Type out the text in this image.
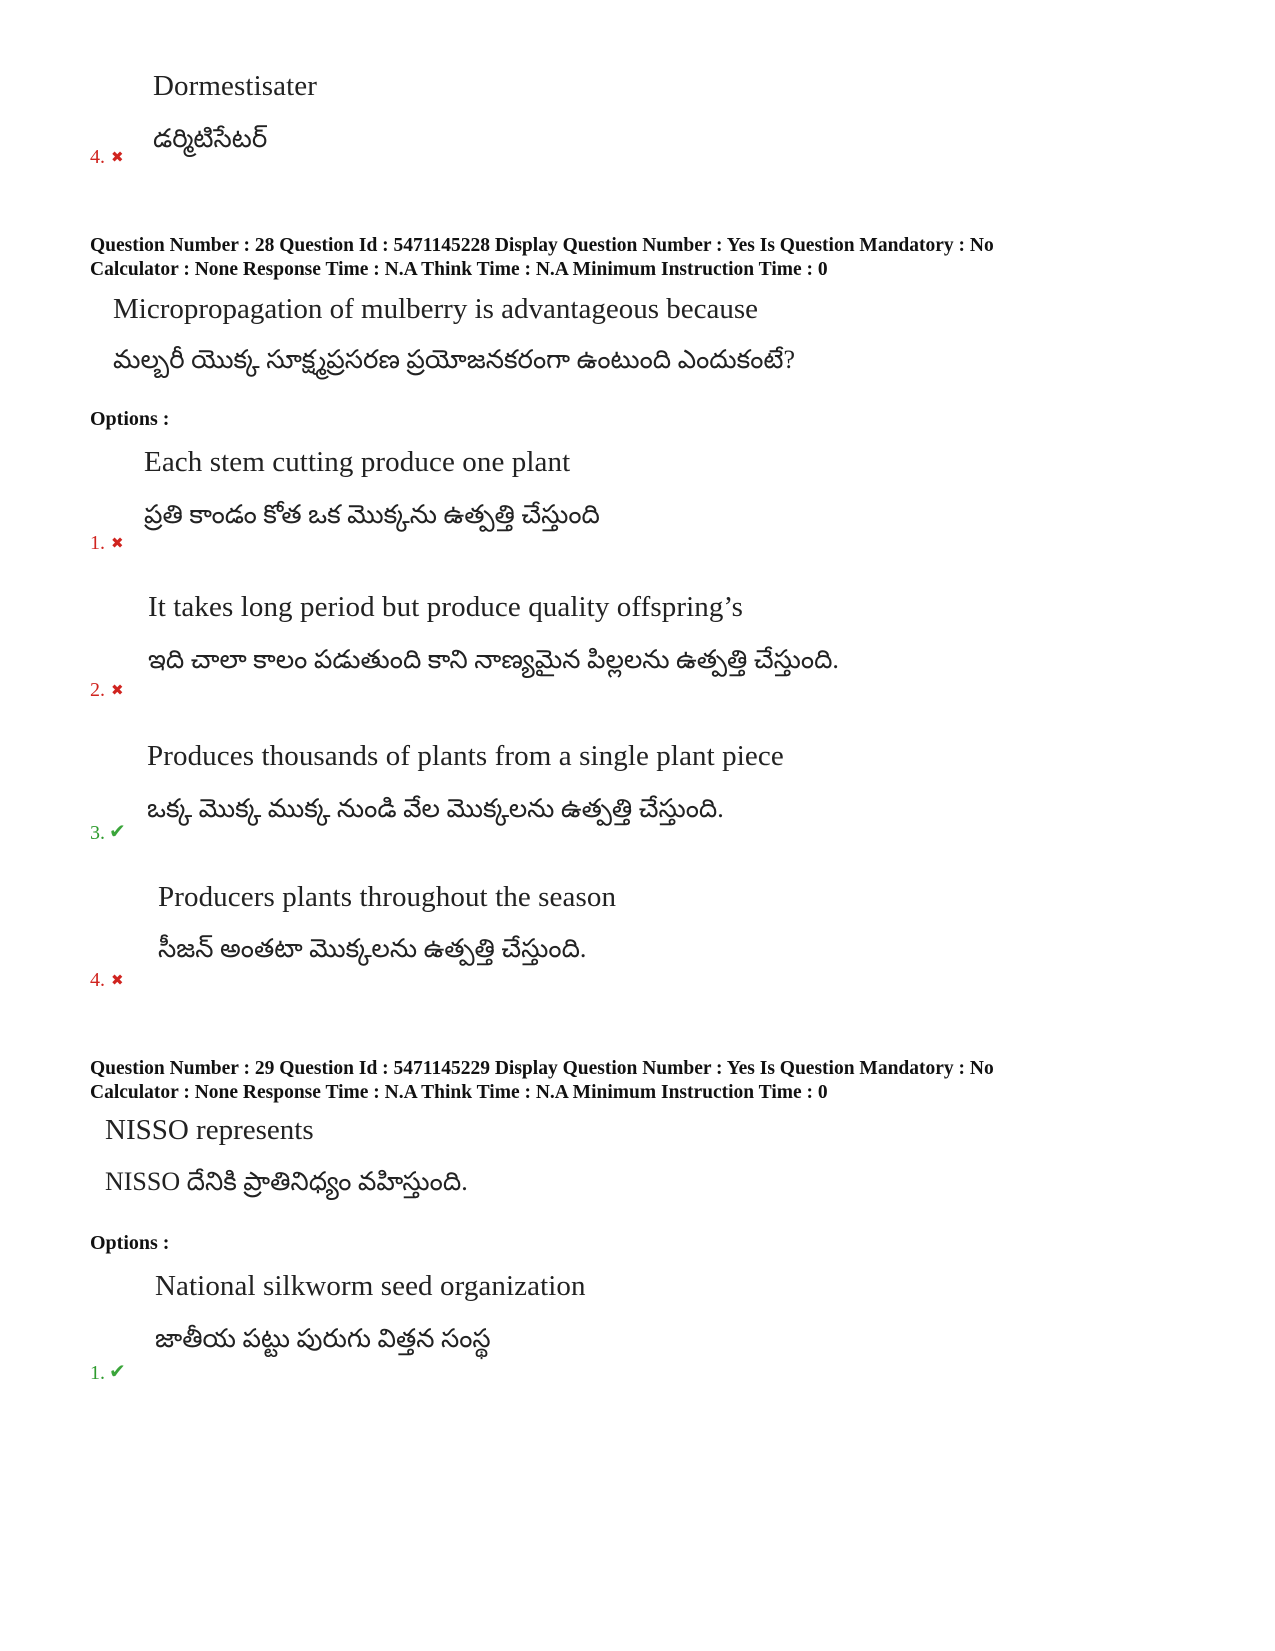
Dormestisater
డర్మిటిసేటర్
4. ✖
Question Number : 28 Question Id : 5471145228 Display Question Number : Yes Is Question Mandatory : No
Calculator : None Response Time : N.A Think Time : N.A Minimum Instruction Time : 0
Micropropagation of mulberry is advantageous because
మల్బరీ యొక్క సూక్ష్మప్రసరణ ప్రయోజనకరంగా ఉంటుంది ఎందుకంటే?
Options :
Each stem cutting produce one plant
ప్రతి కాండం కోత ఒక మొక్కను ఉత్పత్తి చేస్తుంది
1. ✖
It takes long period but produce quality offspring’s
ఇది చాలా కాలం పడుతుంది కాని నాణ్యమైన పిల్లలను ఉత్పత్తి చేస్తుంది.
2. ✖
Produces thousands of plants from a single plant piece
ఒక్క మొక్క ముక్క నుండి వేల మొక్కలను ఉత్పత్తి చేస్తుంది.
3. ✔
Producers plants throughout the season
సీజన్ అంతటా మొక్కలను ఉత్పత్తి చేస్తుంది.
4. ✖
Question Number : 29 Question Id : 5471145229 Display Question Number : Yes Is Question Mandatory : No
Calculator : None Response Time : N.A Think Time : N.A Minimum Instruction Time : 0
NISSO represents
NISSO దేనికి ప్రాతినిధ్యం వహిస్తుంది.
Options :
National silkworm seed organization
జాతీయ పట్టు పురుగు విత్తన సంస్థ
1. ✔
